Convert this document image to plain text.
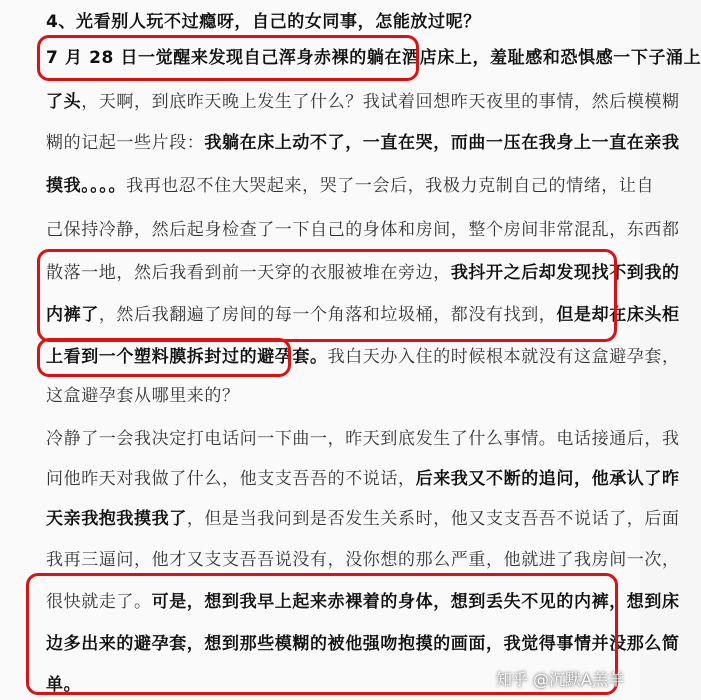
4、光看别人玩不过瘾呀，自己的女同事，怎能放过呢？
7 月 28 日一觉醒来发现自己浑身赤裸的躺在酒店床上，羞耻感和恐惧感一下子涌上
了头，天啊，到底昨天晚上发生了什么？我试着回想昨天夜里的事情，然后模模糊
糊的记起一些片段：我躺在床上动不了，一直在哭，而曲一压在我身上一直在亲我
摸我。。。。我再也忍不住大哭起来，哭了一会后，我极力克制自己的情绪，让自
己保持冷静，然后起身检查了一下自己的身体和房间，整个房间非常混乱，东西都
散落一地，然后我看到前一天穿的衣服被堆在旁边，我抖开之后却发现找不到我的
内裤了，然后我翻遍了房间的每一个角落和垃圾桶，都没有找到，但是却在床头柜
上看到一个塑料膜拆封过的避孕套。我白天办入住的时候根本就没有这盒避孕套，
这盒避孕套从哪里来的？
冷静了一会我决定打电话问一下曲一，昨天到底发生了什么事情。电话接通后，我
问他昨天对我做了什么，他支支吾吾的不说话，后来我又不断的追问，他承认了昨
天亲我抱我摸我了，但是当我问到是否发生关系时，他又支支吾吾不说话了，后面
我再三逼问，他才又支支吾吾说没有，没你想的那么严重，他就进了我房间一次，
很快就走了。可是，想到我早上起来赤裸着的身体，想到丢失不见的内裤，想到床
边多出来的避孕套，想到那些模糊的被他强吻抱摸的画面，我觉得事情并没那么简
单。	知乎 @沉默A羔羊
